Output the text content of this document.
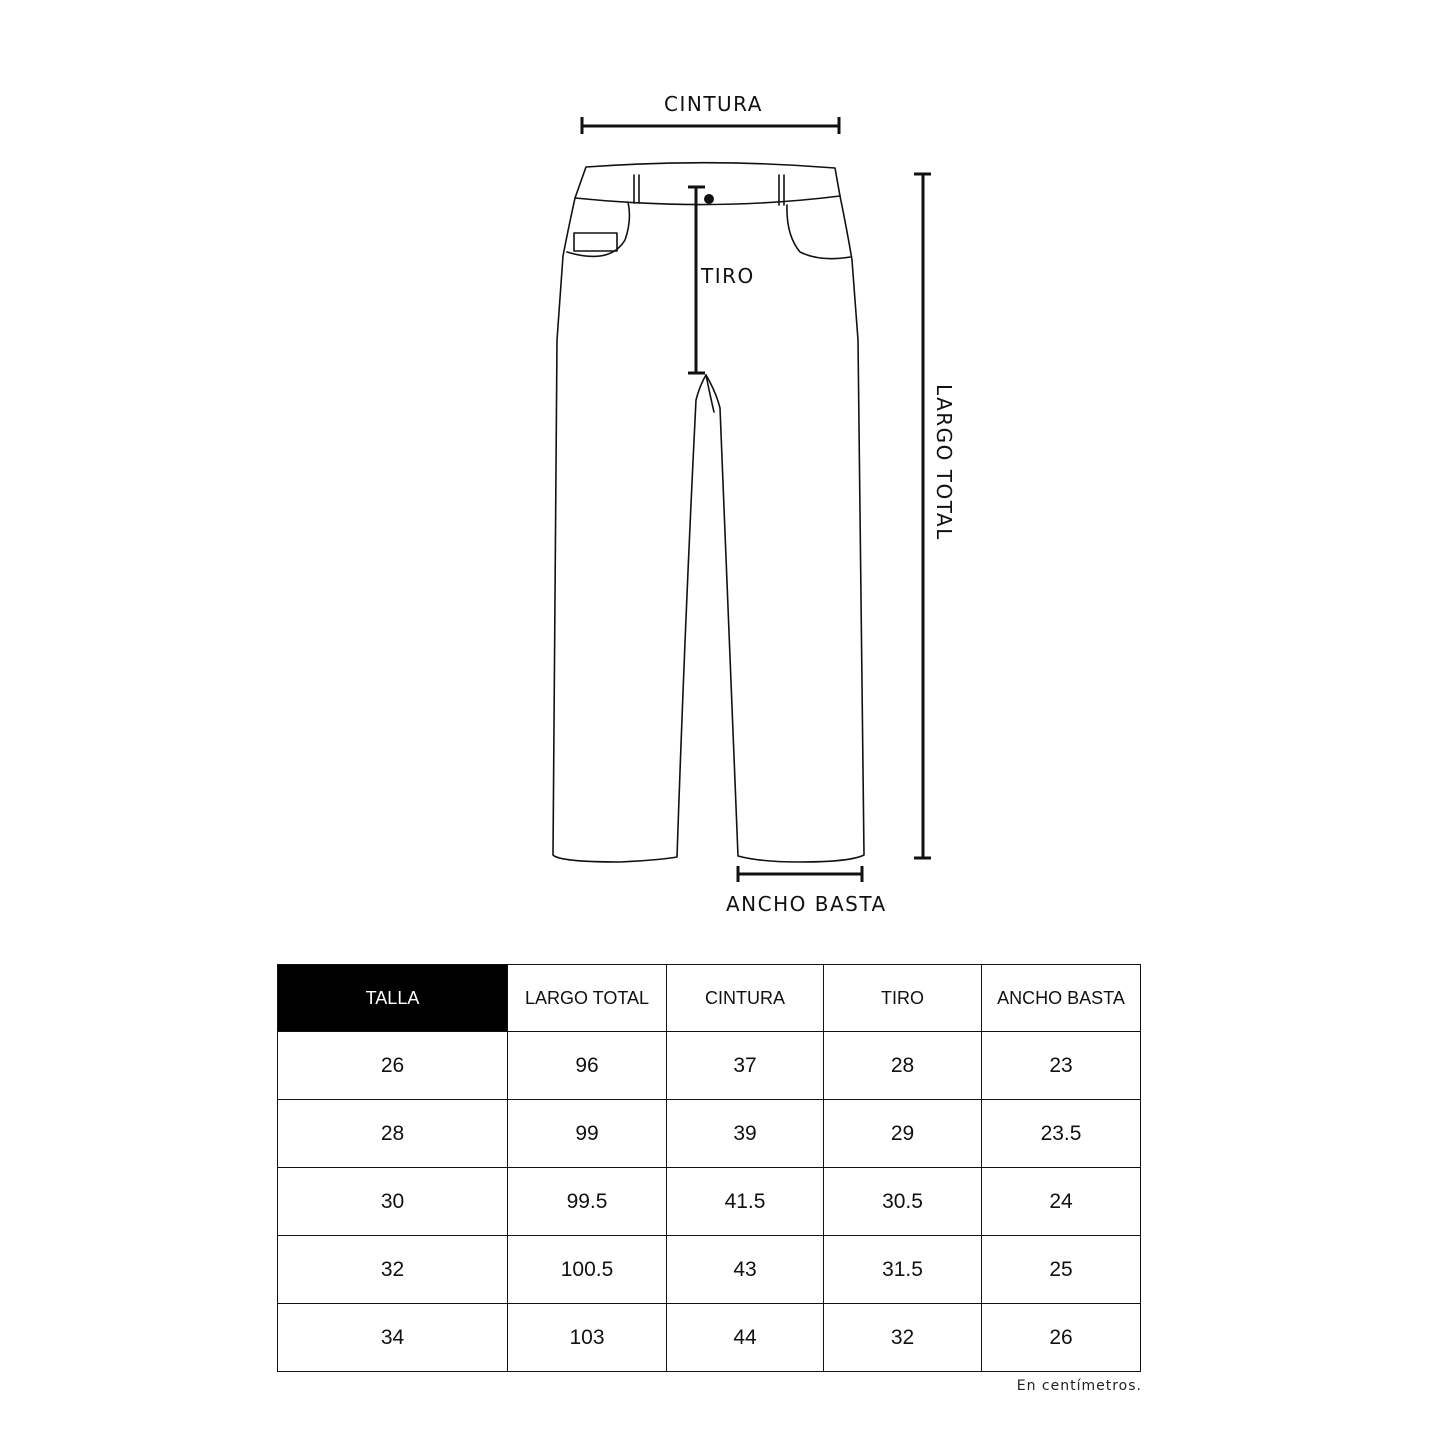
CINTURA
TIRO
LARGO TOTAL
ANCHO BASTA
TALLA	LARGO TOTAL	CINTURA	TIRO	ANCHO BASTA
26	96	37	28	23
28	99	39	29	23.5
30	99.5	41.5	30.5	24
32	100.5	43	31.5	25
34	103	44	32	26
En centímetros.
